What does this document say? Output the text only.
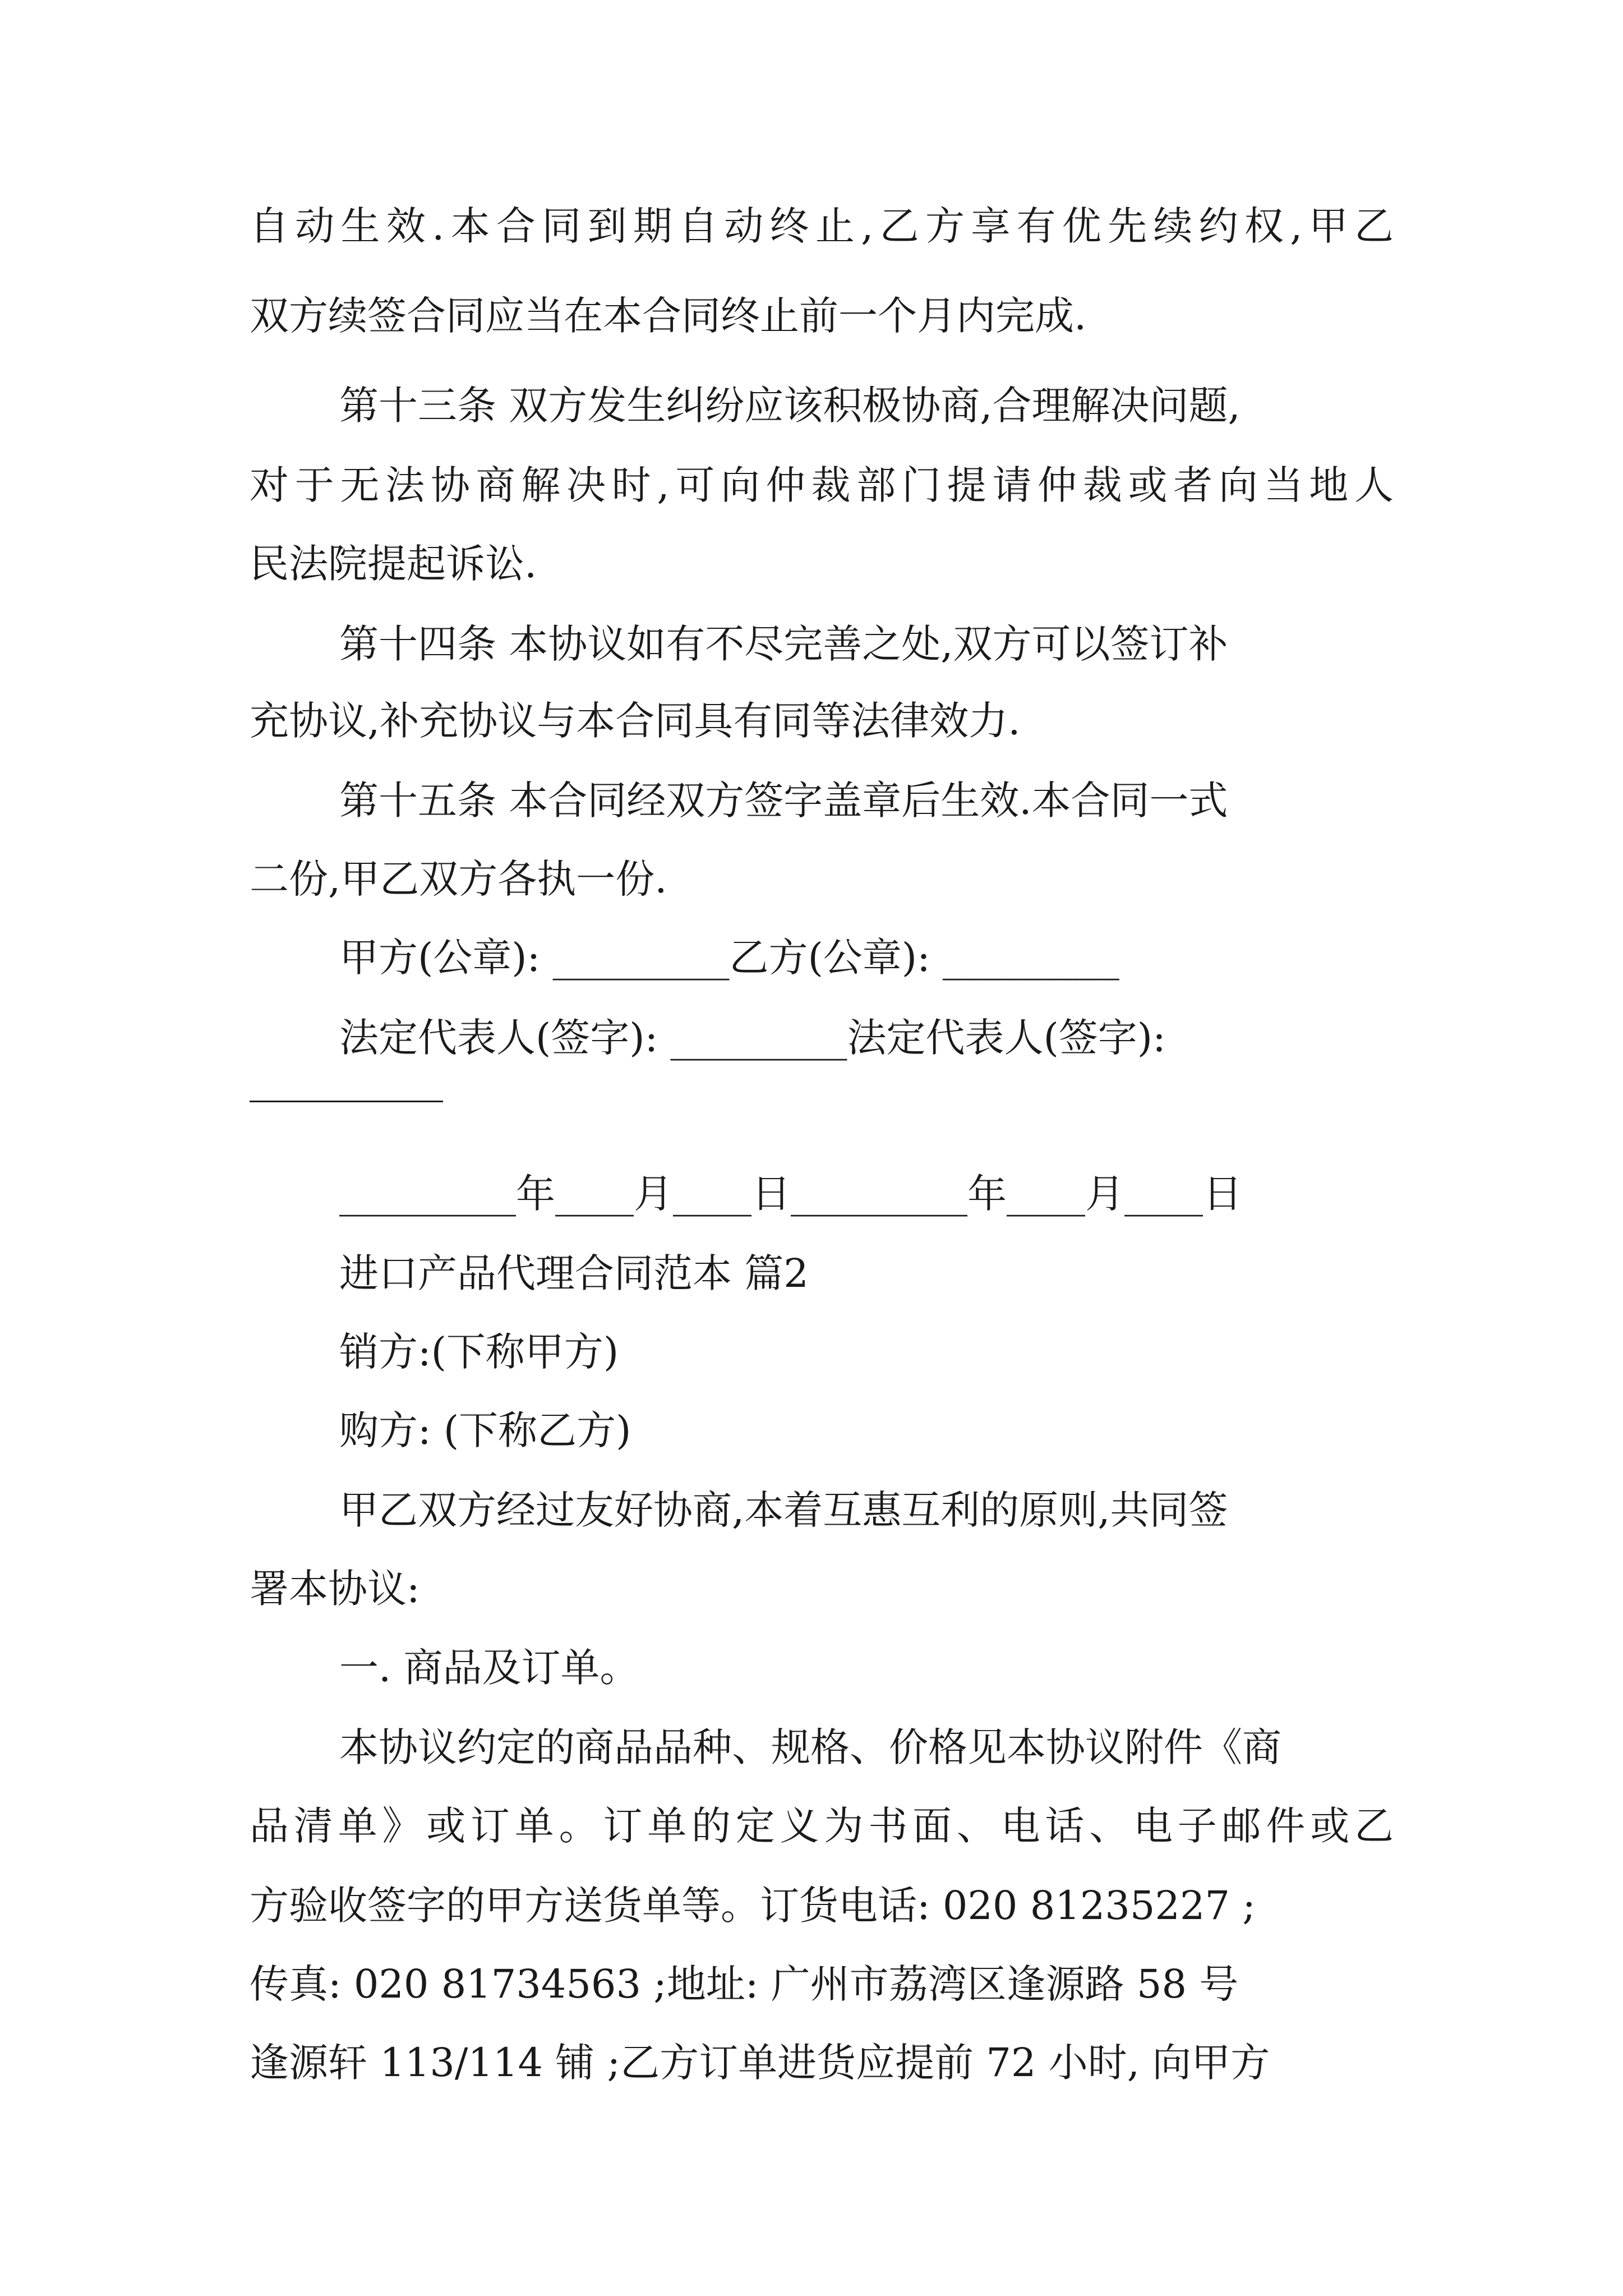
自动生效.本合同到期自动终止,乙方享有优先续约权,甲乙
双方续签合同应当在本合同终止前一个月内完成.
第十三条 双方发生纠纷应该积极协商,合理解决问题,
对于无法协商解决时,可向仲裁部门提请仲裁或者向当地人
民法院提起诉讼.
第十四条 本协议如有不尽完善之处,双方可以签订补
充协议,补充协议与本合同具有同等法律效力.
第十五条 本合同经双方签字盖章后生效.本合同一式
二份,甲乙双方各执一份.
甲方(公章): _________乙方(公章): _________
法定代表人(签字): _________法定代表人(签字):
_________年____月____日_________年____月____日
进口产品代理合同范本 篇2
销方:(下称甲方)
购方: (下称乙方)
甲乙双方经过友好协商,本着互惠互利的原则,共同签
署本协议:
一. 商品及订单。
本协议约定的商品品种、规格、价格见本协议附件《商
品清单》或订单。订单的定义为书面、电话、电子邮件或乙
方验收签字的甲方送货单等。订货电话: 020 81235227 ;
传真: 020 81734563 ;地址: 广州市荔湾区逢源路 58 号
逢源轩 113/114 铺 ;乙方订单进货应提前 72 小时, 向甲方
